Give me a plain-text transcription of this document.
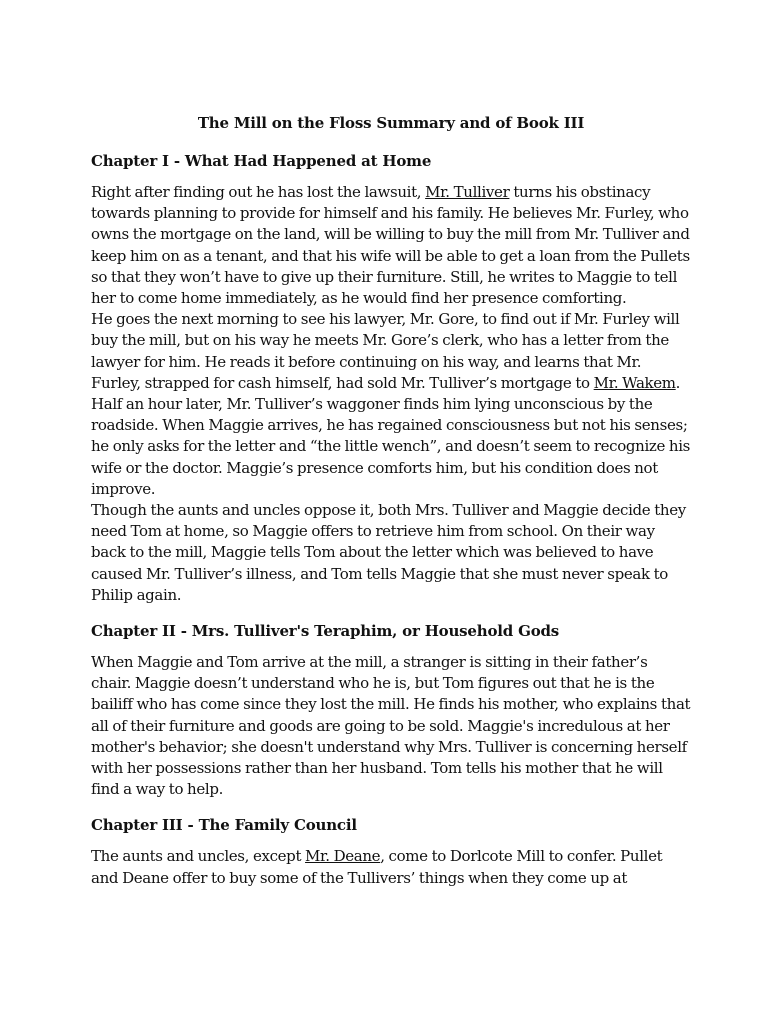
The Mill on the Floss Summary and of Book III
Chapter I - What Had Happened at Home

Right after finding out he has lost the lawsuit, Mr. Tulliver turns his obstinacy towards planning to provide for himself and his family. He believes Mr. Furley, who owns the mortgage on the land, will be willing to buy the mill from Mr. Tulliver and keep him on as a tenant, and that his wife will be able to get a loan from the Pullets so that they won’t have to give up their furniture. Still, he writes to Maggie to tell her to come home immediately, as he would find her presence comforting.

He goes the next morning to see his lawyer, Mr. Gore, to find out if Mr. Furley will buy the mill, but on his way he meets Mr. Gore’s clerk, who has a letter from the lawyer for him. He reads it before continuing on his way, and learns that Mr. Furley, strapped for cash himself, had sold Mr. Tulliver’s mortgage to Mr. Wakem. Half an hour later, Mr. Tulliver’s waggoner finds him lying unconscious by the roadside. When Maggie arrives, he has regained consciousness but not his senses; he only asks for the letter and “the little wench”, and doesn’t seem to recognize his wife or the doctor. Maggie’s presence comforts him, but his condition does not improve.

Though the aunts and uncles oppose it, both Mrs. Tulliver and Maggie decide they need Tom at home, so Maggie offers to retrieve him from school. On their way back to the mill, Maggie tells Tom about the letter which was believed to have caused Mr. Tulliver’s illness, and Tom tells Maggie that she must never speak to Philip again.

Chapter II - Mrs. Tulliver's Teraphim, or Household Gods

When Maggie and Tom arrive at the mill, a stranger is sitting in their father’s chair. Maggie doesn’t understand who he is, but Tom figures out that he is the bailiff who has come since they lost the mill. He finds his mother, who explains that all of their furniture and goods are going to be sold. Maggie's incredulous at her mother's behavior; she doesn't understand why Mrs. Tulliver is concerning herself with her possessions rather than her husband. Tom tells his mother that he will find a way to help.

Chapter III - The Family Council

The aunts and uncles, except Mr. Deane, come to Dorlcote Mill to confer. Pullet and Deane offer to buy some of the Tullivers’ things when they come up at
